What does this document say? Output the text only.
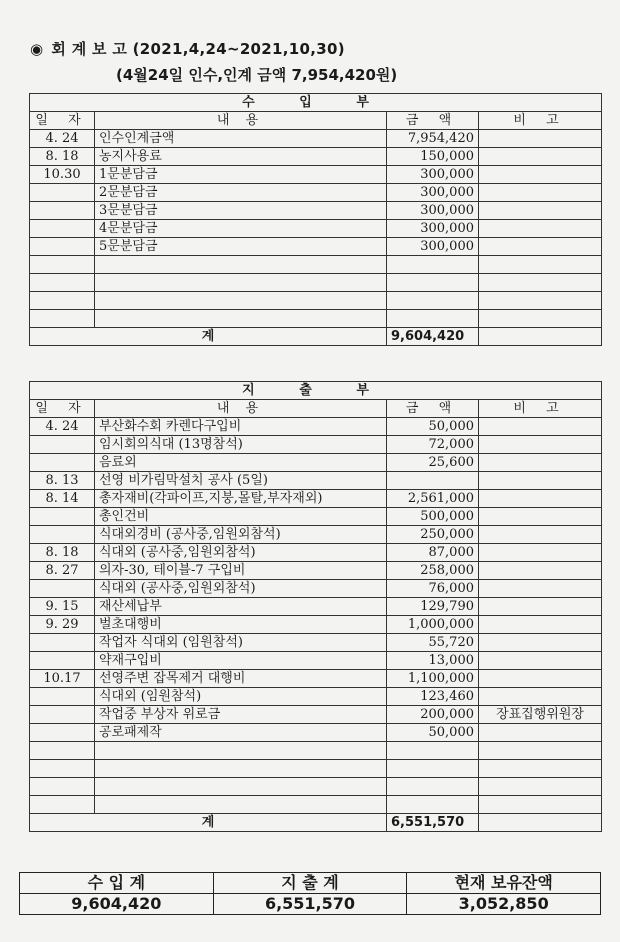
◉ 회 계 보 고 (2021,4,24~2021,10,30)
(4월24일 인수,인계 금액 7,954,420원)
수 입 부			
일 자	내 용	금 액	비 고
4. 24	인수인계금액	7,954,420	
8. 18	농지사용료	150,000	
10.30	1문분담금	300,000	
	2문분담금	300,000	
	3문분담금	300,000	
	4문분담금	300,000	
	5문분담금	300,000	

계		9,604,420	
지 출 부			
일 자	내 용	금 액	비 고
4. 24	부산화수회 카렌다구입비	50,000	
	임시회의식대 (13명참석)	72,000	
	음료외	25,600	
8. 13	선영 비가림막설치 공사 (5일)		
8. 14	총자재비(각파이프,지붕,몰탈,부자재외)	2,561,000	
	총인건비	500,000	
	식대외경비 (공사중,임원외참석)	250,000	
8. 18	식대외 (공사중,임원외참석)	87,000	
8. 27	의자-30, 테이블-7 구입비	258,000	
	식대외 (공사중,임원외참석)	76,000	
9. 15	재산세납부	129,790	
9. 29	벌초대행비	1,000,000	
	작업자 식대외 (임원참석)	55,720	
	약재구입비	13,000	
10.17	선영주변 잡목제거 대행비	1,100,000	
	식대외 (임원참석)	123,460	
	작업중 부상자 위로금	200,000	장표집행위원장
	공로패제작	50,000	

계		6,551,570	
수 입 계	지 출 계	현재 보유잔액
9,604,420	6,551,570	3,052,850
